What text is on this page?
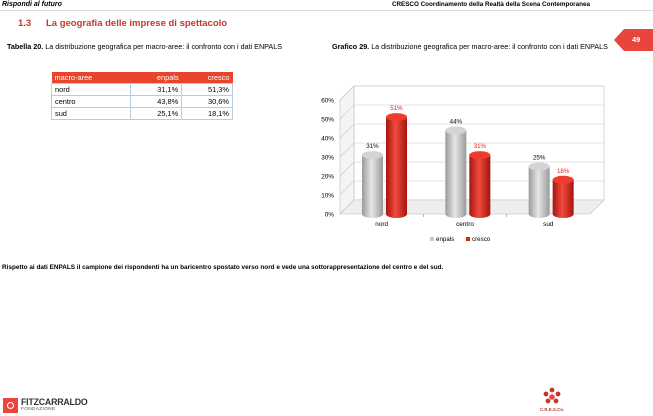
Rispondi al futuro	CRESCO Coordinamento della Realtà della Scena Contemporanea
1.3 La geografia delle imprese di spettacolo
49
Tabella 20. La distribuzione geografica per macro-aree: il confronto con i dati ENPALS	Grafico 29. La distribuzione geografica per macro-aree: il confronto con i dati ENPALS
macro-aree	enpals	cresco
nord	31,1%	51,3%
centro	43,8%	30,6%
sud	25,1%	18,1%
0%
10%
20%
30%
40%
50%
60%
31%
51%
nord
44%
31%
centro
25%
18%
sud
enpals	cresco
Rispetto ai dati ENPALS il campione dei rispondenti ha un baricentro spostato verso nord e vede una sottorappresentazione del centro e del sud.
FITZCARRALDO
FONDAZIONE	C.R.E.S.Co.
